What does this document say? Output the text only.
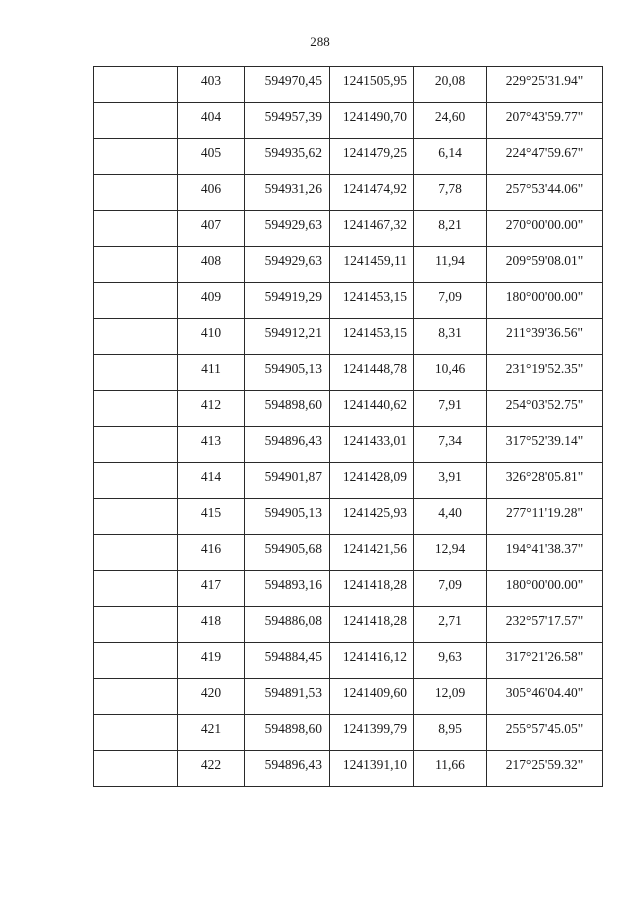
288
	403	594970,45	1241505,95	20,08	229°25'31.94"
	404	594957,39	1241490,70	24,60	207°43'59.77"
	405	594935,62	1241479,25	6,14	224°47'59.67"
	406	594931,26	1241474,92	7,78	257°53'44.06"
	407	594929,63	1241467,32	8,21	270°00'00.00"
	408	594929,63	1241459,11	11,94	209°59'08.01"
	409	594919,29	1241453,15	7,09	180°00'00.00"
	410	594912,21	1241453,15	8,31	211°39'36.56"
	411	594905,13	1241448,78	10,46	231°19'52.35"
	412	594898,60	1241440,62	7,91	254°03'52.75"
	413	594896,43	1241433,01	7,34	317°52'39.14"
	414	594901,87	1241428,09	3,91	326°28'05.81"
	415	594905,13	1241425,93	4,40	277°11'19.28"
	416	594905,68	1241421,56	12,94	194°41'38.37"
	417	594893,16	1241418,28	7,09	180°00'00.00"
	418	594886,08	1241418,28	2,71	232°57'17.57"
	419	594884,45	1241416,12	9,63	317°21'26.58"
	420	594891,53	1241409,60	12,09	305°46'04.40"
	421	594898,60	1241399,79	8,95	255°57'45.05"
	422	594896,43	1241391,10	11,66	217°25'59.32"
